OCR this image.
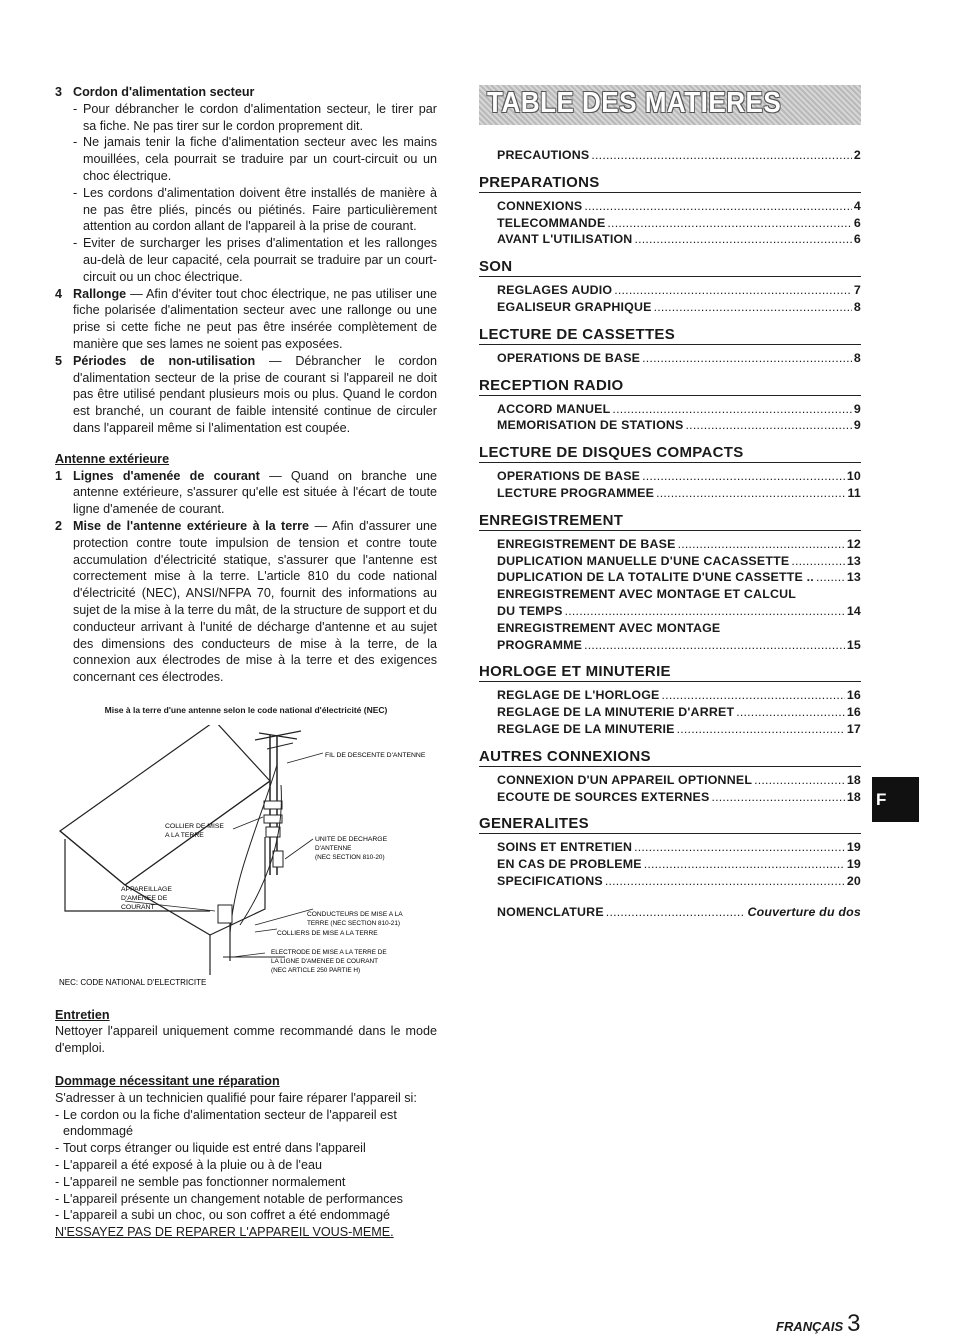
3 Cordon d'alimentation secteur
- Pour débrancher le cordon d'alimentation secteur, le tirer par sa fiche. Ne pas tirer sur le cordon proprement dit.
- Ne jamais tenir la fiche d'alimentation secteur avec les mains mouillées, cela pourrait se traduire par un court-circuit ou un choc électrique.
- Les cordons d'alimentation doivent être installés de manière à ne pas être pliés, pincés ou piétinés. Faire particulièrement attention au cordon allant de l'appareil à la prise de courant.
- Eviter de surcharger les prises d'alimentation et les rallonges au-delà de leur capacité, cela pourrait se traduire par un court-circuit ou un choc électrique.
4 Rallonge — Afin d'éviter tout choc électrique, ne pas utiliser une fiche polarisée d'alimentation secteur avec une rallonge ou une prise si cette fiche ne peut pas être insérée complètement de manière que ses lames ne soient pas exposées.
5 Périodes de non-utilisation — Débrancher le cordon d'alimentation secteur de la prise de courant si l'appareil ne doit pas être utilisé pendant plusieurs mois ou plus. Quand le cordon est branché, un courant de faible intensité continue de circuler dans l'appareil même si l'alimentation est coupée.
Antenne extérieure
1 Lignes d'amenée de courant — Quand on branche une antenne extérieure, s'assurer qu'elle est située à l'écart de toute ligne d'amenée de courant.
2 Mise de l'antenne extérieure à la terre — Afin d'assurer une protection contre toute impulsion de tension et contre toute accumulation d'électricité statique, s'assurer que l'antenne est correctement mise à la terre. L'article 810 du code national d'électricité (NEC), ANSI/NFPA 70, fournit des informations au sujet de la mise à la terre du mât, de la structure de support et du conducteur arrivant à l'unité de décharge d'antenne et au sujet des dimensions des conducteurs de mise à la terre, de la connexion aux électrodes de mise à la terre et des exigences concernant ces électrodes.
Mise à la terre d'une antenne selon le code national d'électricité (NEC)
FIL DE DESCENTE D'ANTENNE
COLLIER DE MISE
A LA TERRE
UNITE DE DECHARGE
D'ANTENNE
(NEC SECTION 810-20)
APPAREILLAGE
D'AMENEE DE
COURANT
CONDUCTEURS DE MISE A LA
TERRE (NEC SECTION 810-21)
COLLIERS DE MISE A LA TERRE
ELECTRODE DE MISE A LA TERRE DE
LA LIGNE D'AMENEE DE COURANT
(NEC ARTICLE 250 PARTIE H)
NEC: CODE NATIONAL D'ELECTRICITE
Entretien
Nettoyer l'appareil uniquement comme recommandé dans le mode d'emploi.
Dommage nécessitant une réparation
S'adresser à un technicien qualifié pour faire réparer l'appareil si:
- Le cordon ou la fiche d'alimentation secteur de l'appareil est endommagé
- Tout corps étranger ou liquide est entré dans l'appareil
- L'appareil a été exposé à la pluie ou à de l'eau
- L'appareil ne semble pas fonctionner normalement
- L'appareil présente un changement notable de performances
- L'appareil a subi un choc, ou son coffret a été endommagé
N'ESSAYEZ PAS DE REPARER L'APPAREIL VOUS-MEME.
TABLE DES MATIERES
PRECAUTIONS .....	2
PREPARATIONS
CONNEXIONS .....	4
TELECOMMANDE .....	6
AVANT L'UTILISATION .....	6
SON
REGLAGES AUDIO .....	7
EGALISEUR GRAPHIQUE .....	8
LECTURE DE CASSETTES
OPERATIONS DE BASE .....	8
RECEPTION RADIO
ACCORD MANUEL .....	9
MEMORISATION DE STATIONS .....	9
LECTURE DE DISQUES COMPACTS
OPERATIONS DE BASE .....	10
LECTURE PROGRAMMEE .....	11
ENREGISTREMENT
ENREGISTREMENT DE BASE .....	12
DUPLICATION MANUELLE D'UNE CACASSETTE .....	13
DUPLICATION DE LA TOTALITE D'UNE CASSETTE .. .....	13
ENREGISTREMENT AVEC MONTAGE ET CALCUL
DU TEMPS .....	14
ENREGISTREMENT AVEC MONTAGE
PROGRAMME .....	15
HORLOGE ET MINUTERIE
REGLAGE DE L'HORLOGE .....	16
REGLAGE DE LA MINUTERIE D'ARRET .....	16
REGLAGE DE LA MINUTERIE .....	17
AUTRES CONNEXIONS
CONNEXION D'UN APPAREIL OPTIONNEL .....	18
ECOUTE DE SOURCES EXTERNES .....	18
GENERALITES
SOINS ET ENTRETIEN .....	19
EN CAS DE PROBLEME .....	19
SPECIFICATIONS .....	20
NOMENCLATURE .....	Couverture du dos
F
FRANÇAIS 3
